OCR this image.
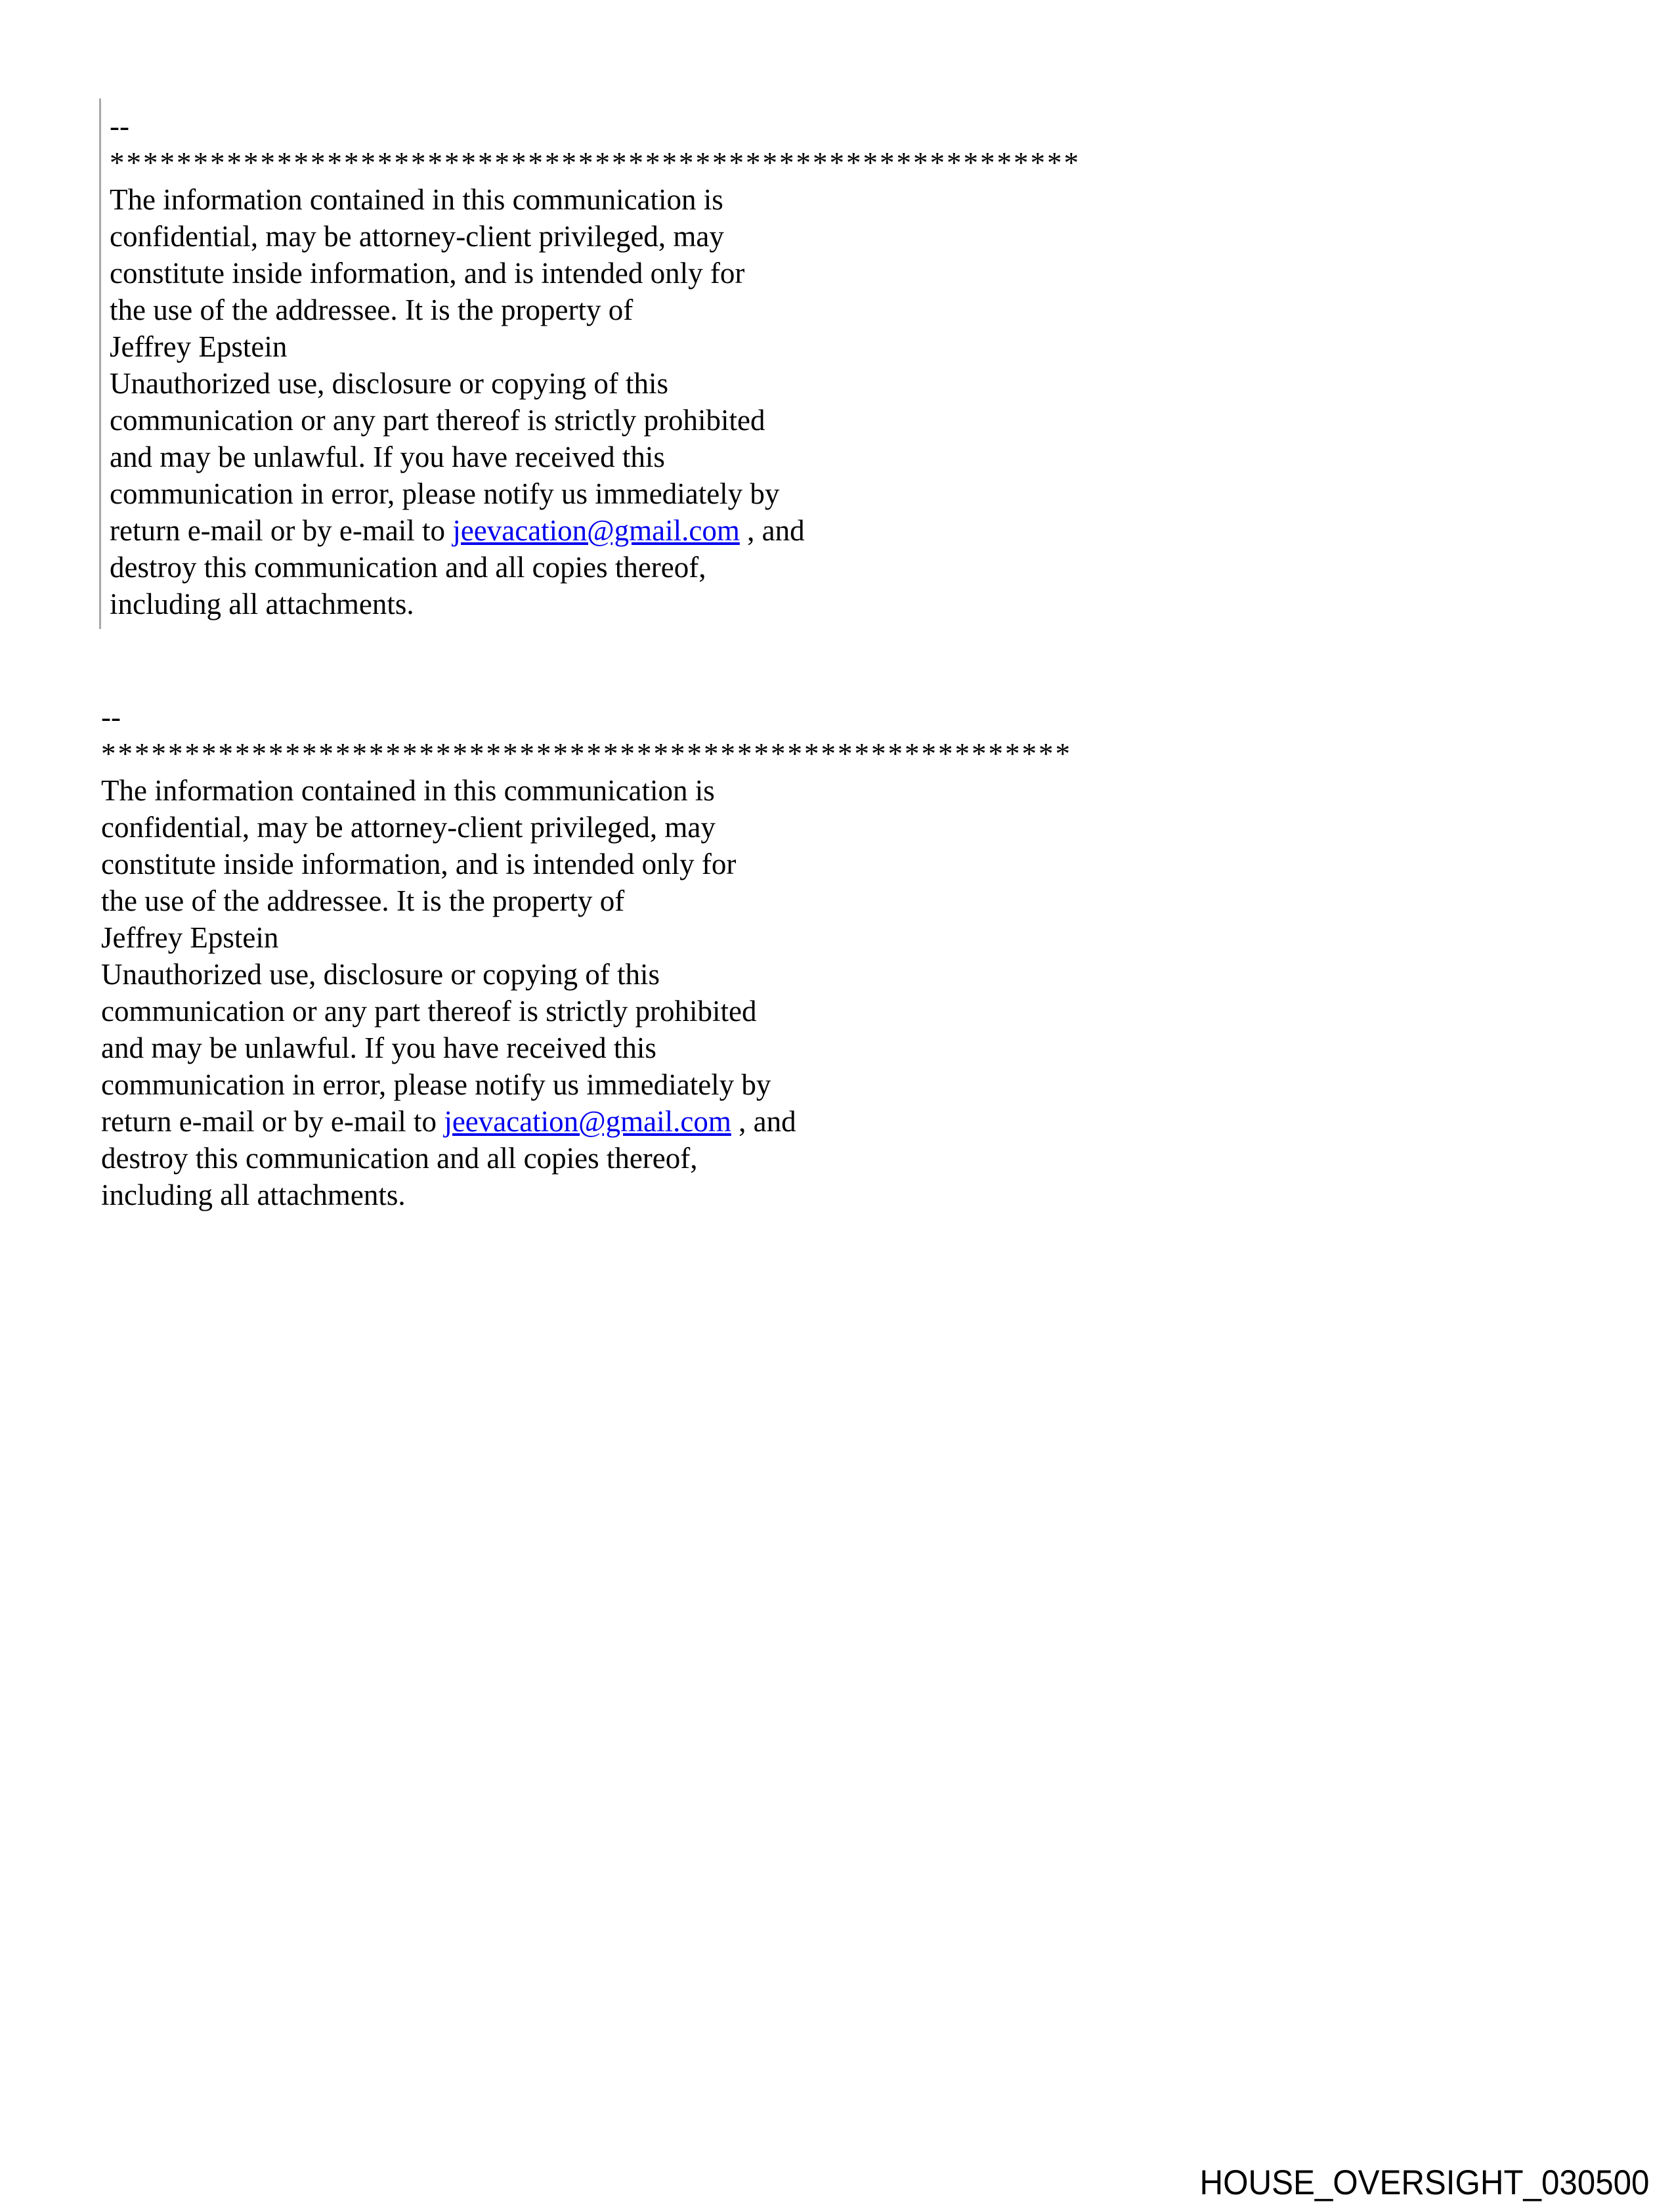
--
**********************************************************
The information contained in this communication is
confidential, may be attorney-client privileged, may
constitute inside information, and is intended only for
the use of the addressee. It is the property of
Jeffrey Epstein
Unauthorized use, disclosure or copying of this
communication or any part thereof is strictly prohibited
and may be unlawful. If you have received this
communication in error, please notify us immediately by
return e-mail or by e-mail to jeevacation@gmail.com , and
destroy this communication and all copies thereof,
including all attachments.
--
**********************************************************
The information contained in this communication is
confidential, may be attorney-client privileged, may
constitute inside information, and is intended only for
the use of the addressee. It is the property of
Jeffrey Epstein
Unauthorized use, disclosure or copying of this
communication or any part thereof is strictly prohibited
and may be unlawful. If you have received this
communication in error, please notify us immediately by
return e-mail or by e-mail to jeevacation@gmail.com , and
destroy this communication and all copies thereof,
including all attachments.
HOUSE_OVERSIGHT_030500
